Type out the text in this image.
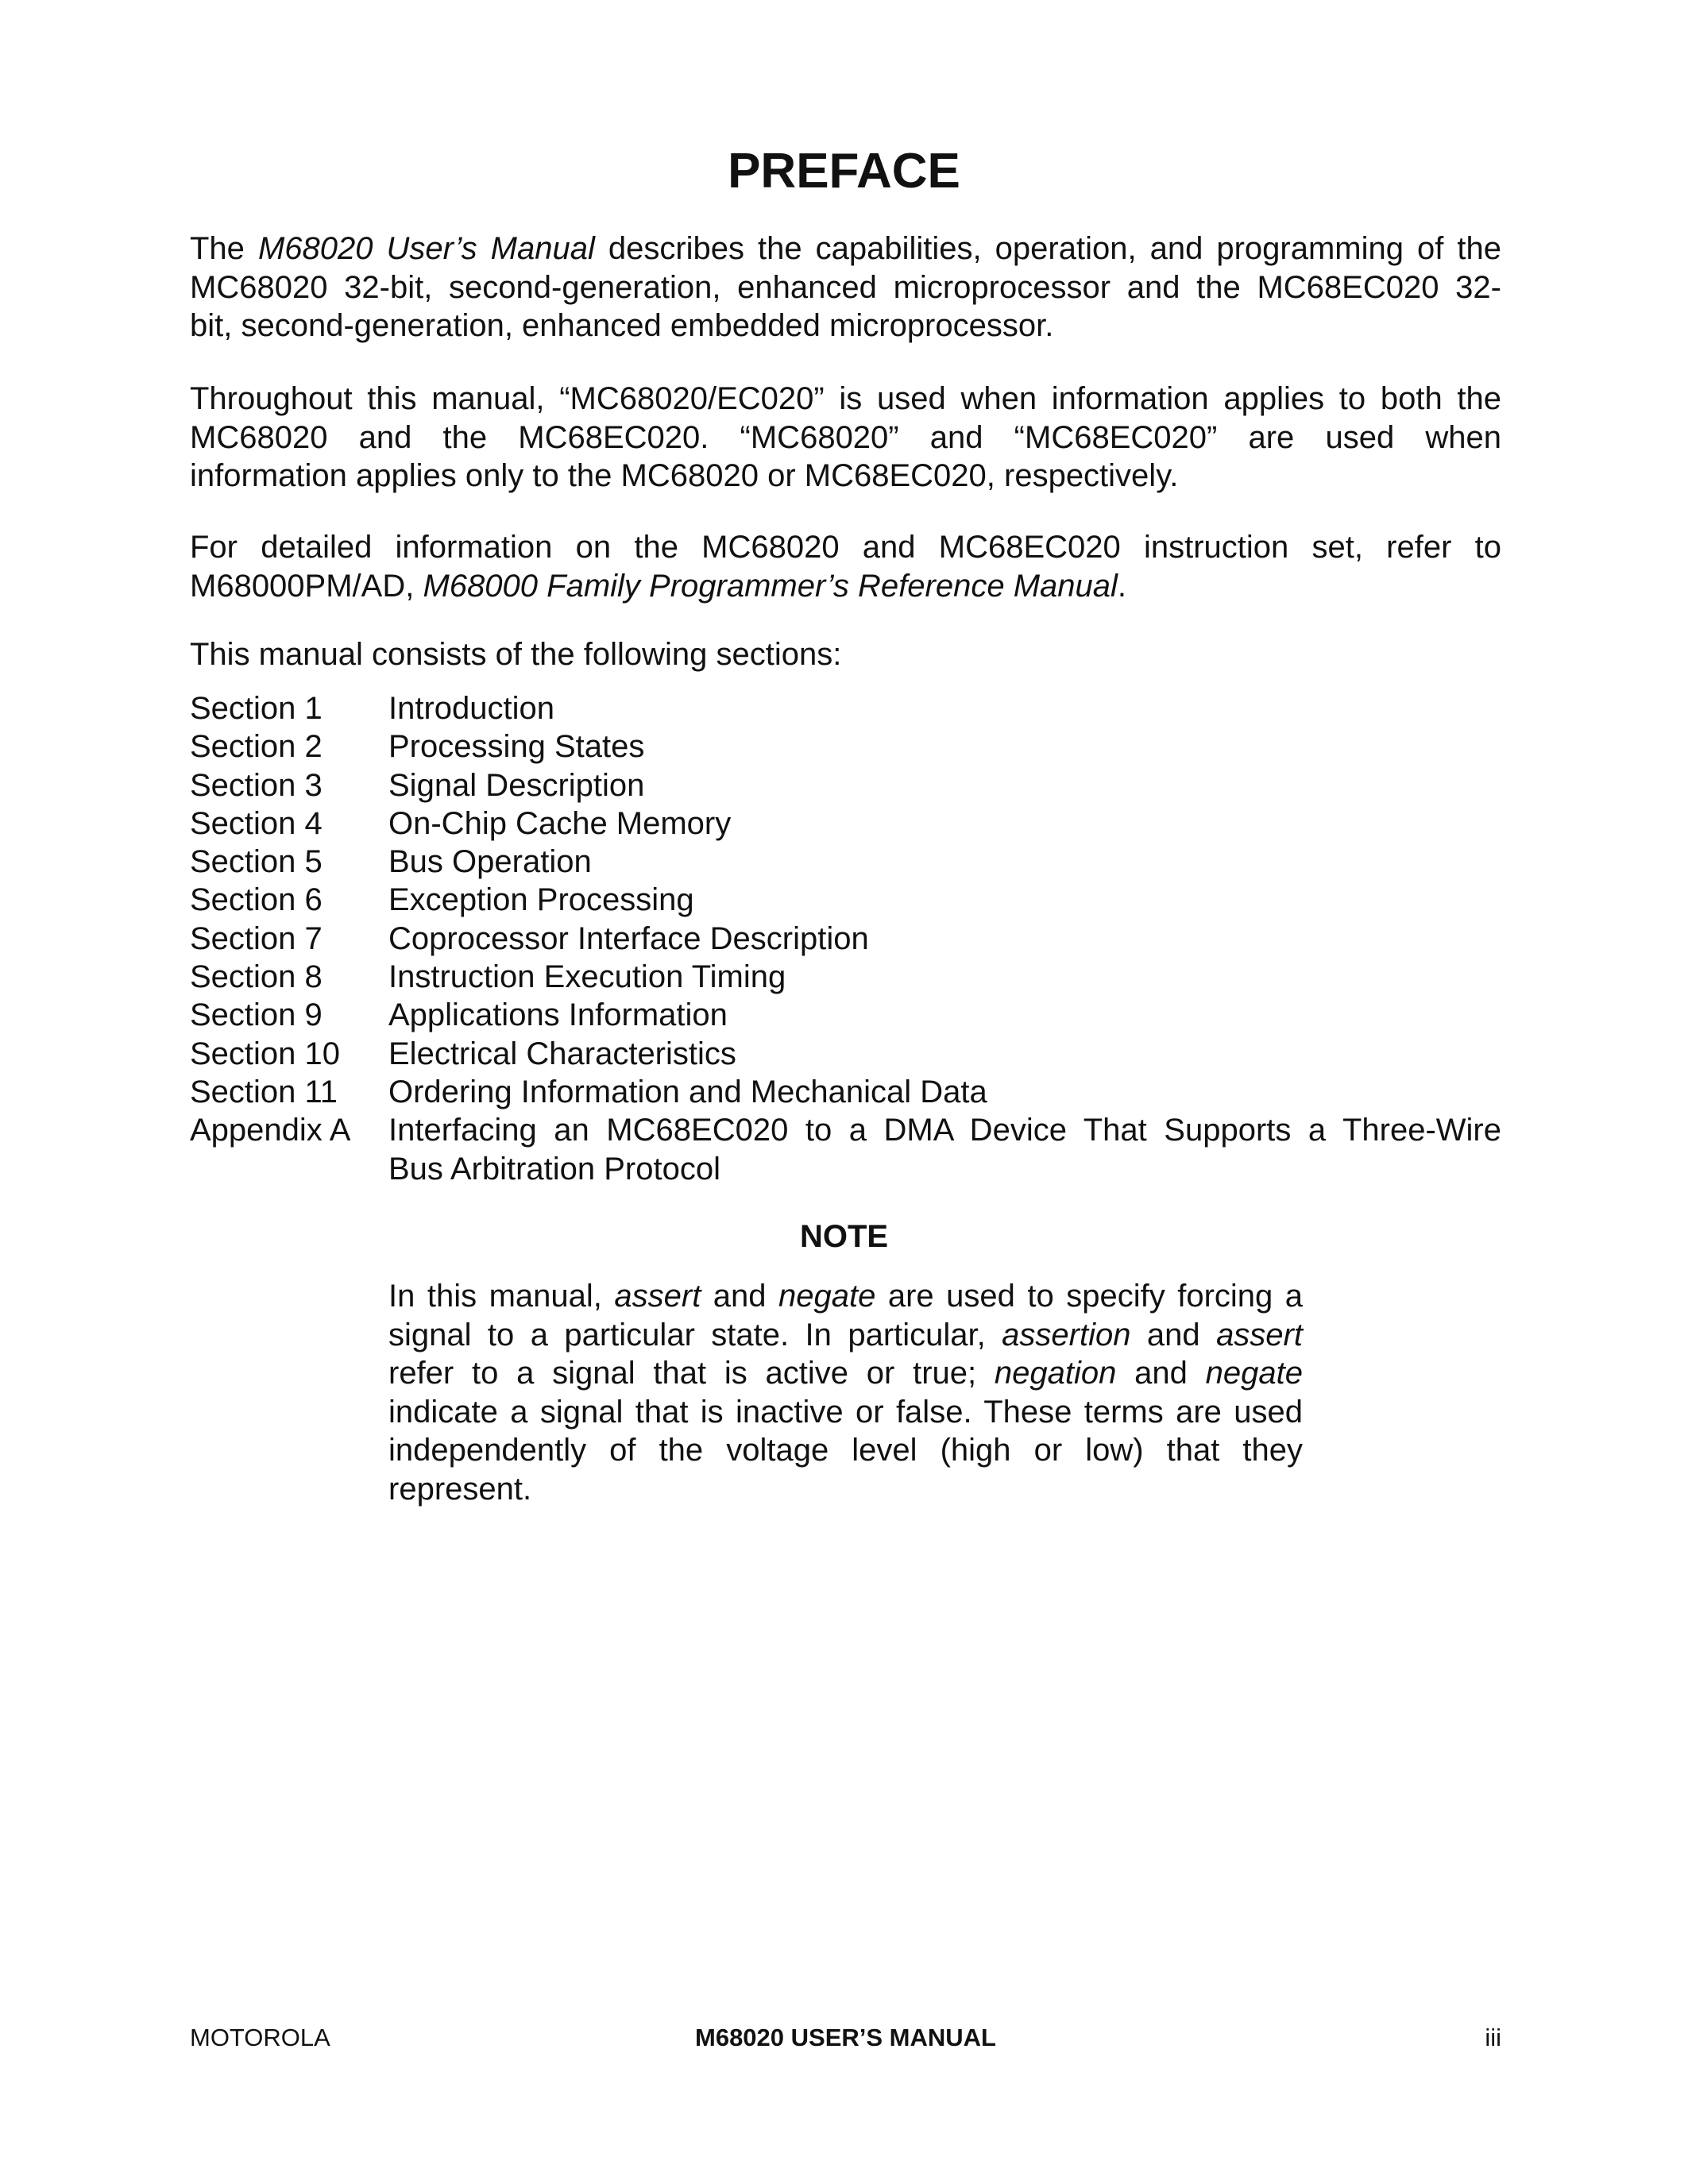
PREFACE
The M68020 User’s Manual describes the capabilities, operation, and programming of the
MC68020 32-bit, second-generation, enhanced microprocessor and the MC68EC020 32-
bit, second-generation, enhanced embedded microprocessor.
Throughout this manual, “MC68020/EC020” is used when information applies to both the
MC68020 and the MC68EC020. “MC68020” and “MC68EC020” are used when
information applies only to the MC68020 or MC68EC020, respectively.
For detailed information on the MC68020 and MC68EC020 instruction set, refer to
M68000PM/AD, M68000 Family Programmer’s Reference Manual.
This manual consists of the following sections:
Section 1	Introduction
Section 2	Processing States
Section 3	Signal Description
Section 4	On-Chip Cache Memory
Section 5	Bus Operation
Section 6	Exception Processing
Section 7	Coprocessor Interface Description
Section 8	Instruction Execution Timing
Section 9	Applications Information
Section 10	Electrical Characteristics
Section 11	Ordering Information and Mechanical Data
Appendix A	Interfacing an MC68EC020 to a DMA Device That Supports a Three-Wire
Bus Arbitration Protocol
NOTE
In this manual, assert and negate are used to specify forcing a
signal to a particular state. In particular, assertion and assert
refer to a signal that is active or true; negation and negate
indicate a signal that is inactive or false. These terms are used
independently of the voltage level (high or low) that they
represent.
MOTOROLA	M68020 USER’S MANUAL	iii
